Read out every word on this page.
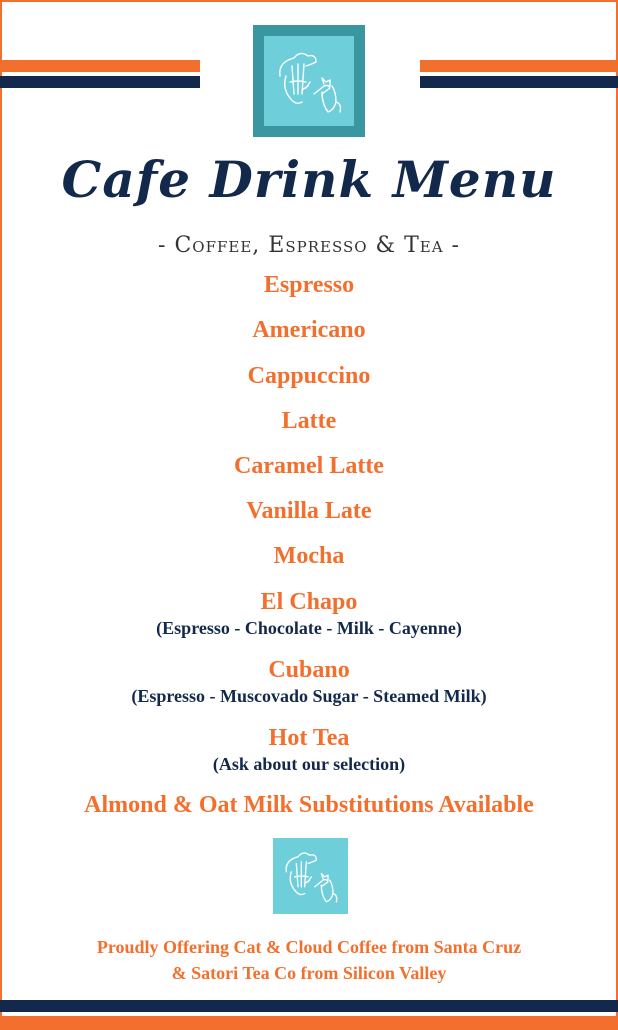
Cafe Drink Menu
- Coffee, Espresso & Tea -
Espresso
Americano
Cappuccino
Latte
Caramel Latte
Vanilla Late
Mocha
El Chapo
(Espresso - Chocolate - Milk - Cayenne)
Cubano
(Espresso - Muscovado Sugar - Steamed Milk)
Hot Tea
(Ask about our selection)
Almond & Oat Milk Substitutions Available
Proudly Offering Cat & Cloud Coffee from Santa Cruz
& Satori Tea Co from Silicon Valley
